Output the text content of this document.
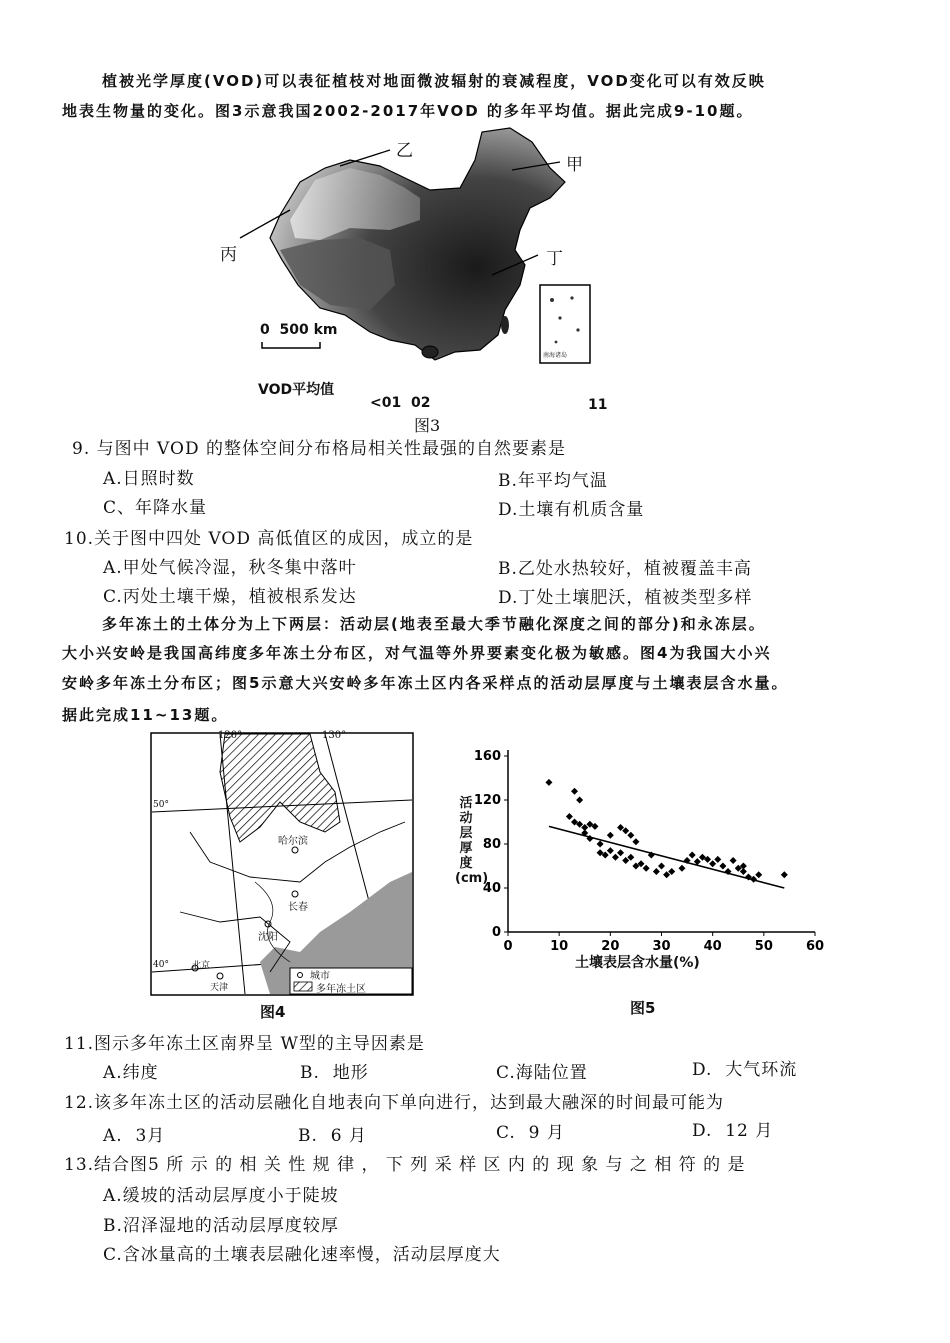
植被光学厚度(VOD)可以表征植枝对地面微波辐射的衰减程度，VOD变化可以有效反映
地表生物量的变化。图3示意我国2002-2017年VOD 的多年平均值。据此完成9-10题。
乙
甲
丙	丁
0  500 km
南海诸岛
VOD平均值
<01  02	11
图3
9. 与图中 VOD 的整体空间分布格局相关性最强的自然要素是
A.日照时数	B.年平均气温
C、年降水量	D.土壤有机质含量
10.关于图中四处 VOD 高低值区的成因，成立的是
A.甲处气候冷湿，秋冬集中落叶	B.乙处水热较好，植被覆盖丰高
C.丙处土壤干燥，植被根系发达	D.丁处土壤肥沃，植被类型多样
多年冻土的土体分为上下两层：活动层(地表至最大季节融化深度之间的部分)和永冻层。
大小兴安岭是我国高纬度多年冻土分布区，对气温等外界要素变化极为敏感。图4为我国大小兴
安岭多年冻土分布区；图5示意大兴安岭多年冻土区内各采样点的活动层厚度与土壤表层含水量。
据此完成11~13题。
120°	130°
50°
40°
哈尔滨
长春
沈阳
北京
天津
城市
多年冻土区
图4
0	10	20	30	40	50	60
0
40
80
120
160
活动层厚度(cm)
土壤表层含水量(%)
图5
11.图示多年冻土区南界呈 W型的主导因素是
A.纬度	B.  地形	C.海陆位置	D.  大气环流
12.该多年冻土区的活动层融化自地表向下单向进行，达到最大融深的时间最可能为
A.  3月	B.  6 月	C.  9 月	D.  12 月
13.结合图5 所 示 的 相 关 性 规 律 ， 下 列 采 样 区 内 的 现 象 与 之 相 符 的 是
A.缓坡的活动层厚度小于陡坡
B.沼泽湿地的活动层厚度较厚
C.含冰量高的土壤表层融化速率慢，活动层厚度大
